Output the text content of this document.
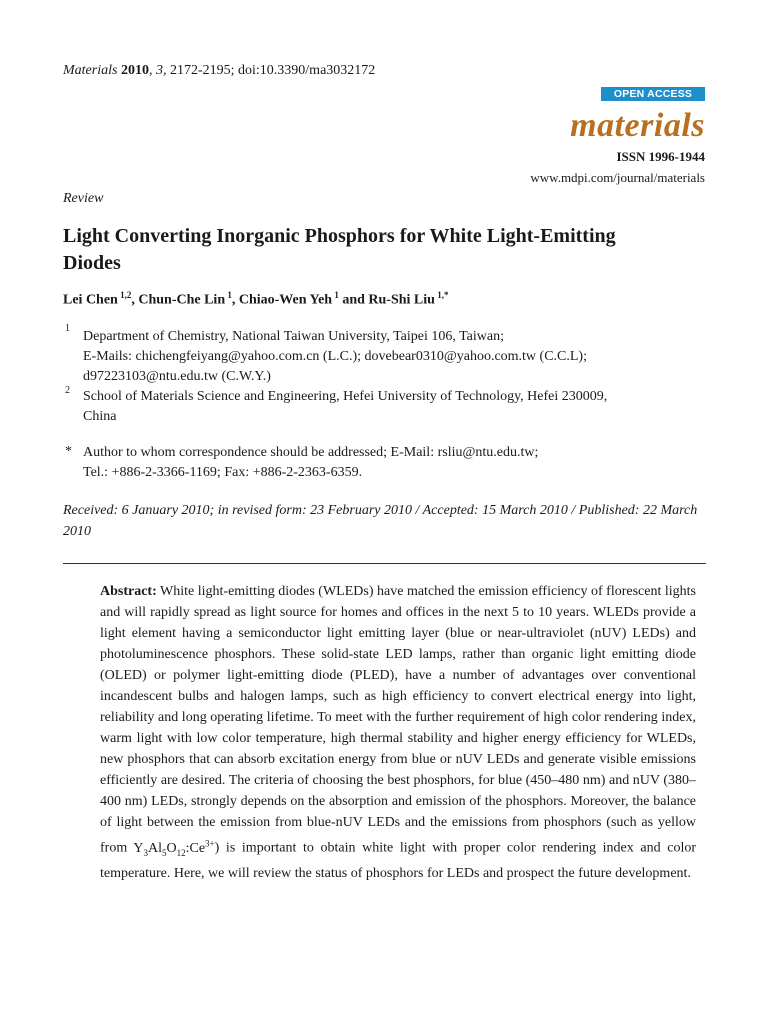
Materials 2010, 3, 2172-2195; doi:10.3390/ma3032172
OPEN ACCESS
materials
ISSN 1996-1944
www.mdpi.com/journal/materials
Review
Light Converting Inorganic Phosphors for White Light-Emitting Diodes
Lei Chen $^{1,2}$, Chun-Che Lin $^1$, Chiao-Wen Yeh $^1$ and Ru-Shi Liu $^{1,*}$
1
Department of Chemistry, National Taiwan University, Taipei 106, Taiwan;
E-Mails: chichengfeiyang@yahoo.com.cn (L.C.); dovebear0310@yahoo.com.tw (C.C.L);
d97223103@ntu.edu.tw (C.W.Y.)
2 School of Materials Science and Engineering, Hefei University of Technology, Hefei 230009,
China
* Author to whom correspondence should be addressed; E-Mail: rsliu@ntu.edu.tw;
Tel.: +886-2-3366-1169; Fax: +886-2-2363-6359.
Received: 6 January 2010; in revised form: 23 February 2010 / Accepted: 15 March 2010 / Published: 22 March 2010
Abstract: White light-emitting diodes (WLEDs) have matched the emission efficiency of florescent lights and will rapidly spread as light source for homes and offices in the next 5 to 10 years. WLEDs provide a light element having a semiconductor light emitting layer (blue or near-ultraviolet (nUV) LEDs) and photoluminescence phosphors. These solid-state LED lamps, rather than organic light emitting diode (OLED) or polymer light-emitting diode (PLED), have a number of advantages over conventional incandescent bulbs and halogen lamps, such as high efficiency to convert electrical energy into light, reliability and long operating lifetime. To meet with the further requirement of high color rendering index, warm light with low color temperature, high thermal stability and higher energy efficiency for WLEDs, new phosphors that can absorb excitation energy from blue or nUV LEDs and generate visible emissions efficiently are desired. The criteria of choosing the best phosphors, for blue (450–480 nm) and nUV (380–400 nm) LEDs, strongly depends on the absorption and emission of the phosphors. Moreover, the balance of light between the emission from blue-nUV LEDs and the emissions from phosphors (such as yellow from $Y_3Al_5O_{12}:Ce^{3+}$) is important to obtain white light with proper color rendering index and color temperature. Here, we will review the status of phosphors for LEDs and prospect the future development.
